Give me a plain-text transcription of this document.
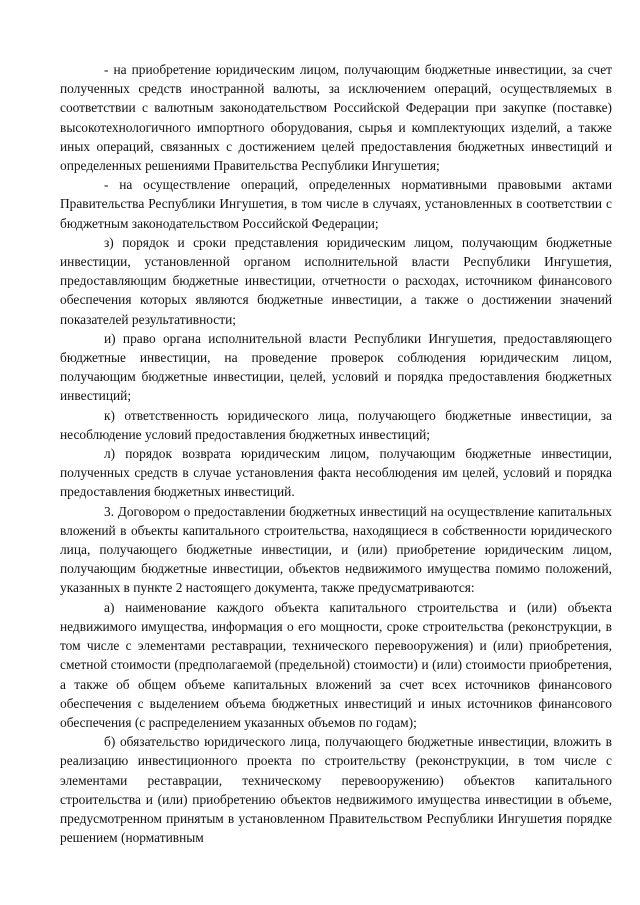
- на приобретение юридическим лицом, получающим бюджетные инвестиции, за счет полученных средств иностранной валюты, за исключением операций, осуществляемых в соответствии с валютным законодательством Российской Федерации при закупке (поставке) высокотехнологичного импортного оборудования, сырья и комплектующих изделий, а также иных операций, связанных с достижением целей предоставления бюджетных инвестиций и определенных решениями Правительства Республики Ингушетия;

- на осуществление операций, определенных нормативными правовыми актами Правительства Республики Ингушетия, в том числе в случаях, установленных в соответствии с бюджетным законодательством Российской Федерации;

з) порядок и сроки представления юридическим лицом, получающим бюджетные инвестиции, установленной органом исполнительной власти Республики Ингушетия, предоставляющим бюджетные инвестиции, отчетности о расходах, источником финансового обеспечения которых являются бюджетные инвестиции, а также о достижении значений показателей результативности;

и) право органа исполнительной власти Республики Ингушетия, предоставляющего бюджетные инвестиции, на проведение проверок соблюдения юридическим лицом, получающим бюджетные инвестиции, целей, условий и порядка предоставления бюджетных инвестиций;

к) ответственность юридического лица, получающего бюджетные инвестиции, за несоблюдение условий предоставления бюджетных инвестиций;

л) порядок возврата юридическим лицом, получающим бюджетные инвестиции, полученных средств в случае установления факта несоблюдения им целей, условий и порядка предоставления бюджетных инвестиций.

3. Договором о предоставлении бюджетных инвестиций на осуществление капитальных вложений в объекты капитального строительства, находящиеся в собственности юридического лица, получающего бюджетные инвестиции, и (или) приобретение юридическим лицом, получающим бюджетные инвестиции, объектов недвижимого имущества помимо положений, указанных в пункте 2 настоящего документа, также предусматриваются:

а) наименование каждого объекта капитального строительства и (или) объекта недвижимого имущества, информация о его мощности, сроке строительства (реконструкции, в том числе с элементами реставрации, технического перевооружения) и (или) приобретения, сметной стоимости (предполагаемой (предельной) стоимости) и (или) стоимости приобретения, а также об общем объеме капитальных вложений за счет всех источников финансового обеспечения с выделением объема бюджетных инвестиций и иных источников финансового обеспечения (с распределением указанных объемов по годам);

б) обязательство юридического лица, получающего бюджетные инвестиции, вложить в реализацию инвестиционного проекта по строительству (реконструкции, в том числе с элементами реставрации, техническому перевооружению) объектов капитального строительства и (или) приобретению объектов недвижимого имущества инвестиции в объеме, предусмотренном принятым в установленном Правительством Республики Ингушетия порядке решением (нормативным
